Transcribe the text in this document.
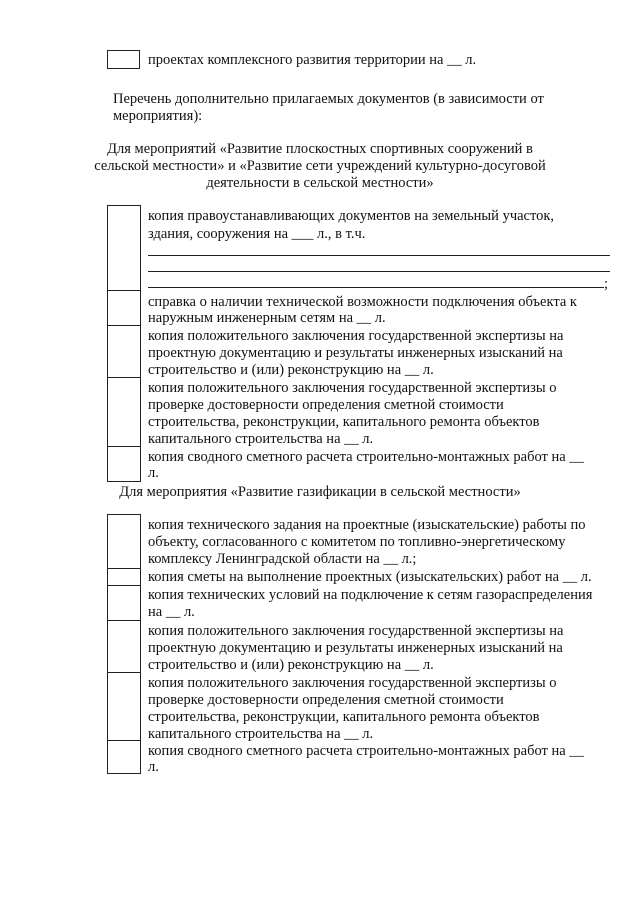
проектах комплексного развития территории на __ л.
Перечень дополнительно прилагаемых документов (в зависимости от
мероприятия):
Для мероприятий «Развитие плоскостных спортивных сооружений в
сельской местности» и «Развитие сети учреждений культурно-досуговой
деятельности в сельской местности»
копия правоустанавливающих документов на земельный участок,
здания, сооружения на ___ л., в т.ч.
;
справка о наличии технической возможности подключения объекта к
наружным инженерным сетям на __ л.
копия положительного заключения государственной экспертизы на
проектную документацию и результаты инженерных изысканий на
строительство и (или) реконструкцию на __ л.
копия положительного заключения государственной экспертизы о
проверке достоверности определения сметной стоимости
строительства, реконструкции, капитального ремонта объектов
капитального строительства на __ л.
копия сводного сметного расчета строительно-монтажных работ на __
л.
Для мероприятия «Развитие газификации в сельской местности»
копия технического задания на проектные (изыскательские) работы по
объекту, согласованного с комитетом по топливно-энергетическому
комплексу Ленинградской области на __ л.;
копия сметы на выполнение проектных (изыскательских) работ на __ л.
копия технических условий на подключение к сетям газораспределения
на __ л.
копия положительного заключения государственной экспертизы на
проектную документацию и результаты инженерных изысканий на
строительство и (или) реконструкцию на __ л.
копия положительного заключения государственной экспертизы о
проверке достоверности определения сметной стоимости
строительства, реконструкции, капитального ремонта объектов
капитального строительства на __ л.
копия сводного сметного расчета строительно-монтажных работ на __
л.
